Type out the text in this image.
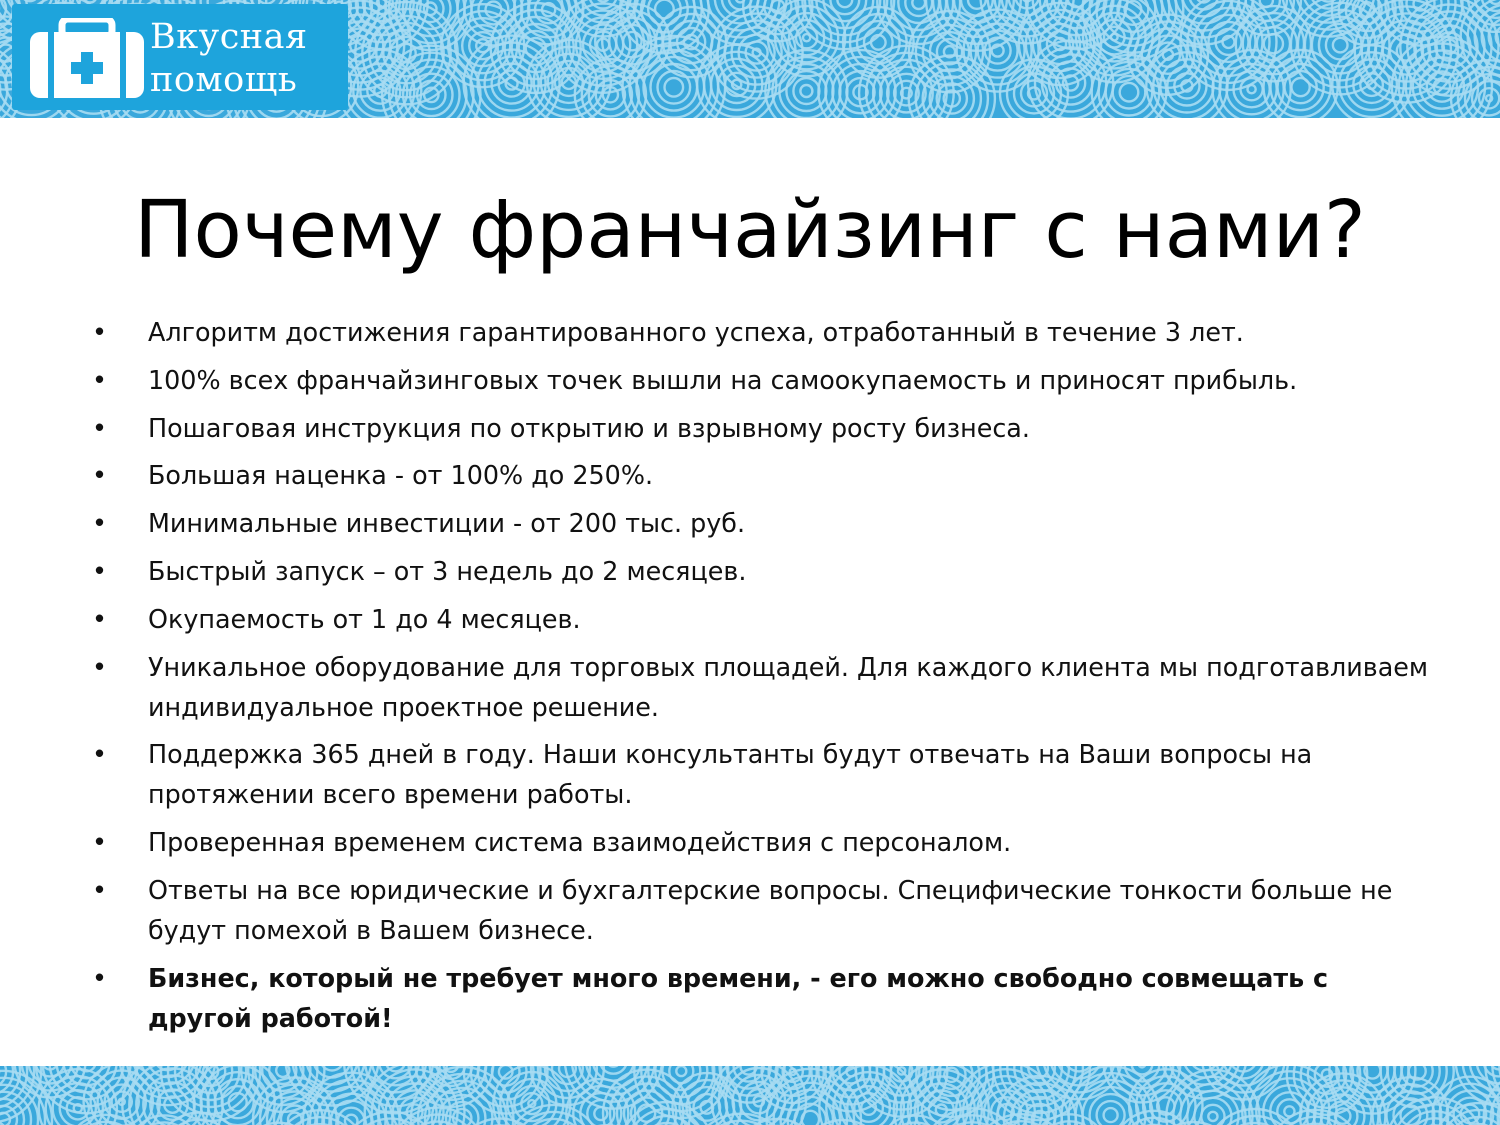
Вкусная
помощь
Почему франчайзинг с нами?
• Алгоритм достижения гарантированного успеха, отработанный в течение 3 лет.
• 100% всех франчайзинговых точек вышли на самоокупаемость и приносят прибыль.
• Пошаговая инструкция по открытию и взрывному росту бизнеса.
• Большая наценка - от 100% до 250%.
• Минимальные инвестиции - от 200 тыс. руб.
• Быстрый запуск – от 3 недель до 2 месяцев.
• Окупаемость от 1 до 4 месяцев.
• Уникальное оборудование для торговых площадей. Для каждого клиента мы подготавливаем индивидуальное проектное решение.
• Поддержка 365 дней в году. Наши консультанты будут отвечать на Ваши вопросы на протяжении всего времени работы.
• Проверенная временем система взаимодействия с персоналом.
• Ответы на все юридические и бухгалтерские вопросы. Специфические тонкости больше не будут помехой в Вашем бизнесе.
• Бизнес, который не требует много времени, - его можно свободно совмещать с другой работой!
